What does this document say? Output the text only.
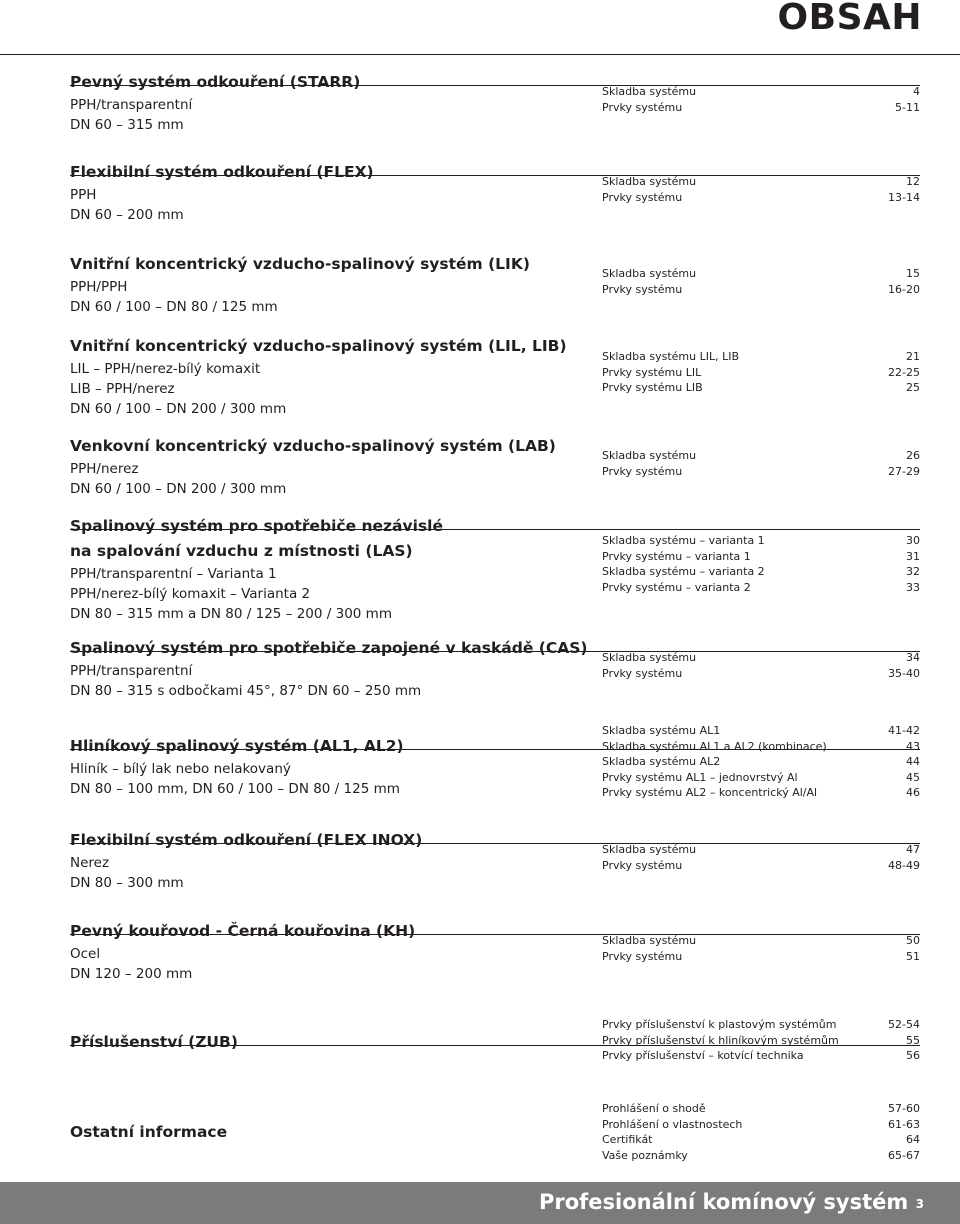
OBSAH
Pevný systém odkouření (STARR)
PPH/transparentní
DN 60 – 315 mm
Skladba systému	4
Prvky systému	5-11
Flexibilní systém odkouření (FLEX)
PPH
DN 60 – 200 mm
Skladba systému	12
Prvky systému	13-14
Vnitřní koncentrický vzducho-spalinový systém (LIK)
PPH/PPH
DN 60 / 100 – DN 80 / 125 mm
Skladba systému	15
Prvky systému	16-20
Vnitřní koncentrický vzducho-spalinový systém (LIL, LIB)
LIL – PPH/nerez-bílý komaxit
LIB – PPH/nerez
DN 60 / 100 – DN 200 / 300 mm
Skladba systému LIL, LIB	21
Prvky systému LIL	22-25
Prvky systému LIB	25
Venkovní koncentrický vzducho-spalinový systém (LAB)
PPH/nerez
DN 60 / 100 – DN 200 / 300 mm
Skladba systému	26
Prvky systému	27-29
Spalinový systém pro spotřebiče nezávislé
na spalování vzduchu z místnosti (LAS)
PPH/transparentní – Varianta 1
PPH/nerez-bílý komaxit – Varianta 2
DN 80 – 315 mm a DN 80 / 125 – 200 / 300 mm
Skladba systému – varianta 1	30
Prvky systému – varianta 1	31
Skladba systému – varianta 2	32
Prvky systému – varianta 2	33
Spalinový systém pro spotřebiče zapojené v kaskádě (CAS)
PPH/transparentní
DN 80 – 315 s odbočkami 45°, 87° DN 60 – 250 mm
Skladba systému	34
Prvky systému	35-40
Hliníkový spalinový systém (AL1, AL2)
Hliník – bílý lak nebo nelakovaný
DN 80 – 100 mm, DN 60 / 100 – DN 80 / 125 mm
Skladba systému AL1	41-42
Skladba systému AL1 a AL2 (kombinace)	43
Skladba systému AL2	44
Prvky systému AL1 – jednovrstvý Al	45
Prvky systému AL2 – koncentrický Al/Al	46
Flexibilní systém odkouření (FLEX INOX)
Nerez
DN 80 – 300 mm
Skladba systému	47
Prvky systému	48-49
Pevný kouřovod - Černá kouřovina (KH)
Ocel
DN 120 – 200 mm
Skladba systému	50
Prvky systému	51
Příslušenství (ZUB)
Prvky příslušenství k plastovým systémům	52-54
Prvky příslušenství k hliníkovým systémům	55
Prvky příslušenství – kotvící technika	56
Ostatní informace
Prohlášení o shodě	57-60
Prohlášení o vlastnostech	61-63
Certifikát	64
Vaše poznámky	65-67
Profesionální komínový systém 3
